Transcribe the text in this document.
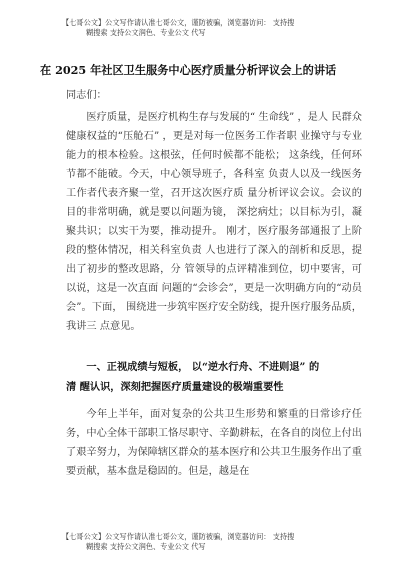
【七哥公文】公文写作请认准七哥公文，谨防被骗，浏览器访问： 支持搜
糊搜索 支持公文润色、专业公文 代写
在 2025 年社区卫生服务中心医疗质量分析评议会上的讲话
同志们：
医疗质量，是医疗机构生存与发展的“ 生命线” ，是人 民群众健康权益的“压舱石” ，更是对每一位医务工作者职 业操守与专业能力的根本检验。这根弦，任何时候都不能松； 这条线，任何环节都不能破。今天，中心领导班子，各科室 负责人以及一线医务工作者代表齐聚一堂，召开这次医疗质 量分析评议会议。会议的目的非常明确，就是要以问题为镜， 深挖病灶；以目标为引，凝聚共识；以实干为要，推动提升。 刚才，医疗服务部通报了上阶段的整体情况，相关科室负责 人也进行了深入的剖析和反思，提出了初步的整改思路，分 管领导的点评精准到位，切中要害，可以说，这是一次直面 问题的“会诊会”，更是一次明确方向的“动员会”。下面， 围绕进一步筑牢医疗安全防线，提升医疗服务品质，我讲三 点意见。
一、正视成绩与短板， 以“逆水行舟、不进则退” 的
清 醒认识，深刻把握医疗质量建设的极端重要性
今年上半年，面对复杂的公共卫生形势和繁重的日常诊疗任务，中心全体干部职工恪尽职守、辛勤耕耘，在各自的岗位上付出了艰辛努力，为保障辖区群众的基本医疗和公共卫生服务作出了重要贡献，基本盘是稳固的。但是，越是在
【七哥公文】公文写作请认准七哥公文，谨防被骗，浏览器访问： 支持搜
糊搜索 支持公文润色、专业公文 代写
